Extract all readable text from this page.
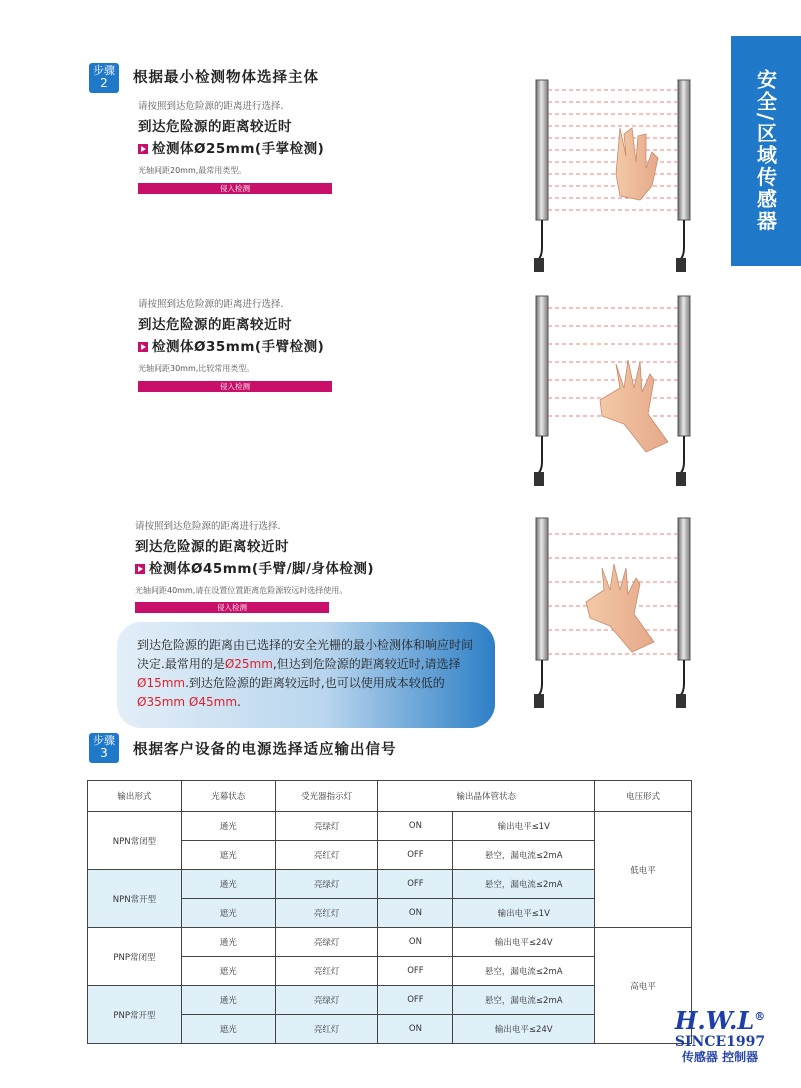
安全/区域传感器
步骤
2	根据最小检测物体选择主体
请按照到达危险源的距离进行选择.
到达危险源的距离较近时
检测体Ø25mm(手掌检测)
光轴间距20mm,最常用类型。
侵入检测
请按照到达危险源的距离进行选择.
到达危险源的距离较近时
检测体Ø35mm(手臂检测)
光轴间距30mm,比较常用类型。
侵入检测
请按照到达危险源的距离进行选择.
到达危险源的距离较近时
检测体Ø45mm(手臂/脚/身体检测)
光轴间距40mm,请在设置位置距离危险源较远时选择使用。
侵入检测
到达危险源的距离由已选择的安全光栅的最小检测体和响应时间决定.最常用的是Ø25mm,但达到危险源的距离较近时,请选择Ø15mm.到达危险源的距离较远时,也可以使用成本较低的Ø35mm Ø45mm.
步骤
3	根据客户设备的电源选择适应输出信号
输出形式	光幕状态	受光器指示灯	输出晶体管状态		电压形式
NPN常闭型	通光	亮绿灯	ON	输出电平≤1V	低电平
	遮光	亮红灯	OFF	悬空，漏电流≤2mA	
NPN常开型	通光	亮绿灯	OFF	悬空，漏电流≤2mA	
	遮光	亮红灯	ON	输出电平≤1V	
PNP常闭型	通光	亮绿灯	ON	输出电平≤24V	高电平
	遮光	亮红灯	OFF	悬空，漏电流≤2mA	
PNP常开型	通光	亮绿灯	OFF	悬空，漏电流≤2mA	
	遮光	亮红灯	ON	输出电平≤24V		H.W.L®
SINCE1997
传感器 控制器
